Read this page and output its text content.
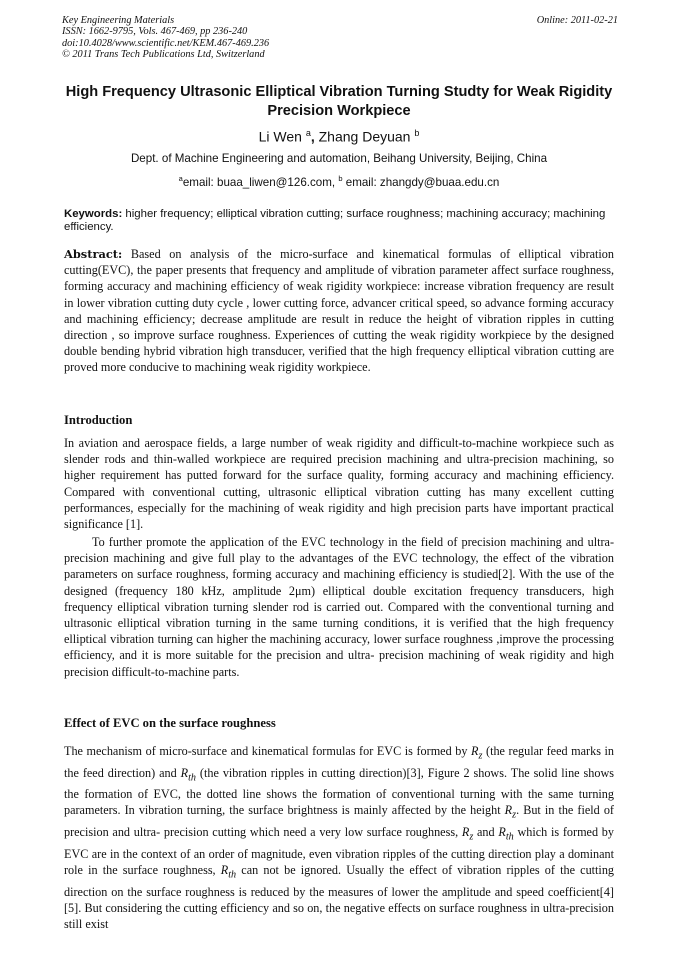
Key Engineering Materials
ISSN: 1662-9795, Vols. 467-469, pp 236-240
doi:10.4028/www.scientific.net/KEM.467-469.236
© 2011 Trans Tech Publications Ltd, Switzerland
Online: 2011-02-21
High Frequency Ultrasonic Elliptical Vibration Turning Studty for Weak Rigidity Precision Workpiece
Li Wen $^a$, Zhang Deyuan $^b$
Dept. of Machine Engineering and automation, Beihang University, Beijing, China
$^a$email: buaa_liwen@126.com, $^b$ email: zhangdy@buaa.edu.cn
Keywords: higher frequency; elliptical vibration cutting; surface roughness; machining accuracy; machining efficiency.

Abstract: Based on analysis of the micro-surface and kinematical formulas of elliptical vibration cutting(EVC), the paper presents that frequency and amplitude of vibration parameter affect surface roughness, forming accuracy and machining efficiency of weak rigidity workpiece: increase vibration frequency are result in lower vibration cutting duty cycle , lower cutting force, advancer critical speed, so advance forming accuracy and machining efficiency; decrease amplitude are result in reduce the height of vibration ripples in cutting direction , so improve surface roughness. Experiences of cutting the weak rigidity workpiece by the designed double bending hybrid vibration high transducer, verified that the high frequency elliptical vibration cutting are proved more conducive to machining weak rigidity workpiece.

Introduction

In aviation and aerospace fields, a large number of weak rigidity and difficult-to-machine workpiece such as slender rods and thin-walled workpiece are required precision machining and ultra-precision machining, so higher requirement has putted forward for the surface quality, forming accuracy and machining efficiency. Compared with conventional cutting, ultrasonic elliptical vibration cutting has many excellent cutting performances, especially for the machining of weak rigidity and high precision parts have important practical significance [1].

To further promote the application of the EVC technology in the field of precision machining and ultra-precision machining and give full play to the advantages of the EVC technology, the effect of the vibration parameters on surface roughness, forming accuracy and machining efficiency is studied[2]. With the use of the designed (frequency 180 kHz, amplitude 2μm) elliptical double excitation frequency transducers, high frequency elliptical vibration turning slender rod is carried out. Compared with the conventional turning and ultrasonic elliptical vibration turning in the same turning conditions, it is verified that the high frequency elliptical vibration turning can higher the machining accuracy, lower surface roughness ,improve the processing efficiency, and it is more suitable for the precision and ultra- precision machining of weak rigidity and high precision difficult-to-machine parts.

Effect of EVC on the surface roughness

The mechanism of micro-surface and kinematical formulas for EVC is formed by $R_z$ (the regular feed marks in the feed direction) and $R_{th}$ (the vibration ripples in cutting direction)[3], Figure 2 shows. The solid line shows the formation of EVC, the dotted line shows the formation of conventional turning with the same turning parameters. In vibration turning, the surface brightness is mainly affected by the height $R_z$. But in the field of precision and ultra- precision cutting which need a very low surface roughness, $R_z$ and $R_{th}$ which is formed by EVC are in the context of an order of magnitude, even vibration ripples of the cutting direction play a dominant role in the surface roughness, $R_{th}$ can not be ignored. Usually the effect of vibration ripples of the cutting direction on the surface roughness is reduced by the measures of lower the amplitude and speed coefficient[4][5]. But considering the cutting efficiency and so on, the negative effects on surface roughness in ultra-precision still exist
